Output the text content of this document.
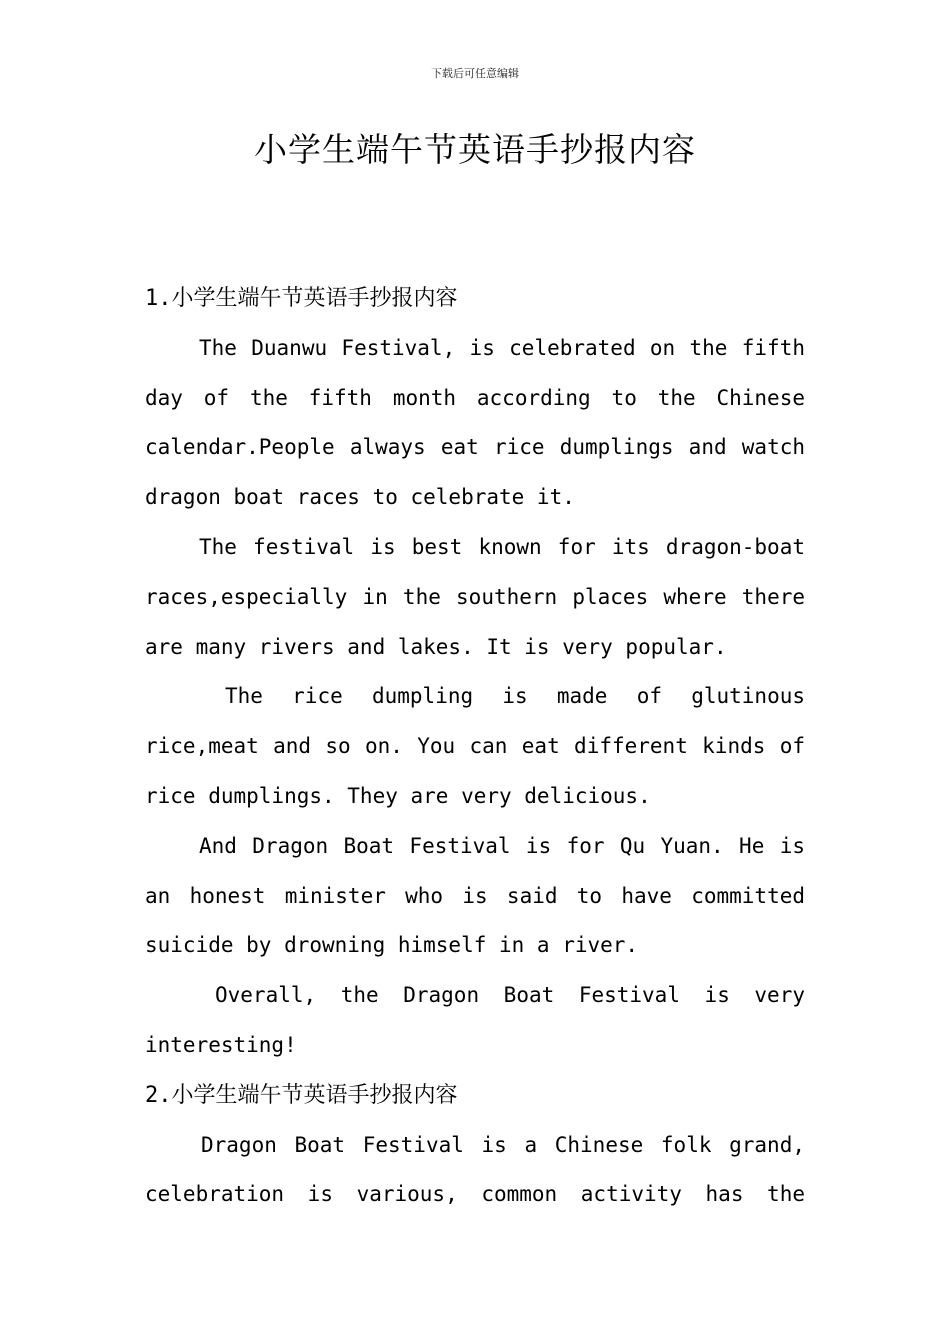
下载后可任意编辑
小学生端午节英语手抄报内容
1.小学生端午节英语手抄报内容

The Duanwu Festival, is celebrated on the fifth day of the fifth month according to the Chinese calendar.People always eat rice dumplings and watch dragon boat races to celebrate it.

The festival is best known for its dragon-boat races,especially in the southern places where there are many rivers and lakes. It is very popular.

The rice dumpling is made of glutinous rice,meat and so on. You can eat different kinds of rice dumplings. They are very delicious.

And Dragon Boat Festival is for Qu Yuan. He is an honest minister who is said to have committed suicide by drowning himself in a river.

Overall, the Dragon Boat Festival is very interesting!

2.小学生端午节英语手抄报内容

Dragon Boat Festival is a Chinese folk grand, celebration is various, common activity has the
